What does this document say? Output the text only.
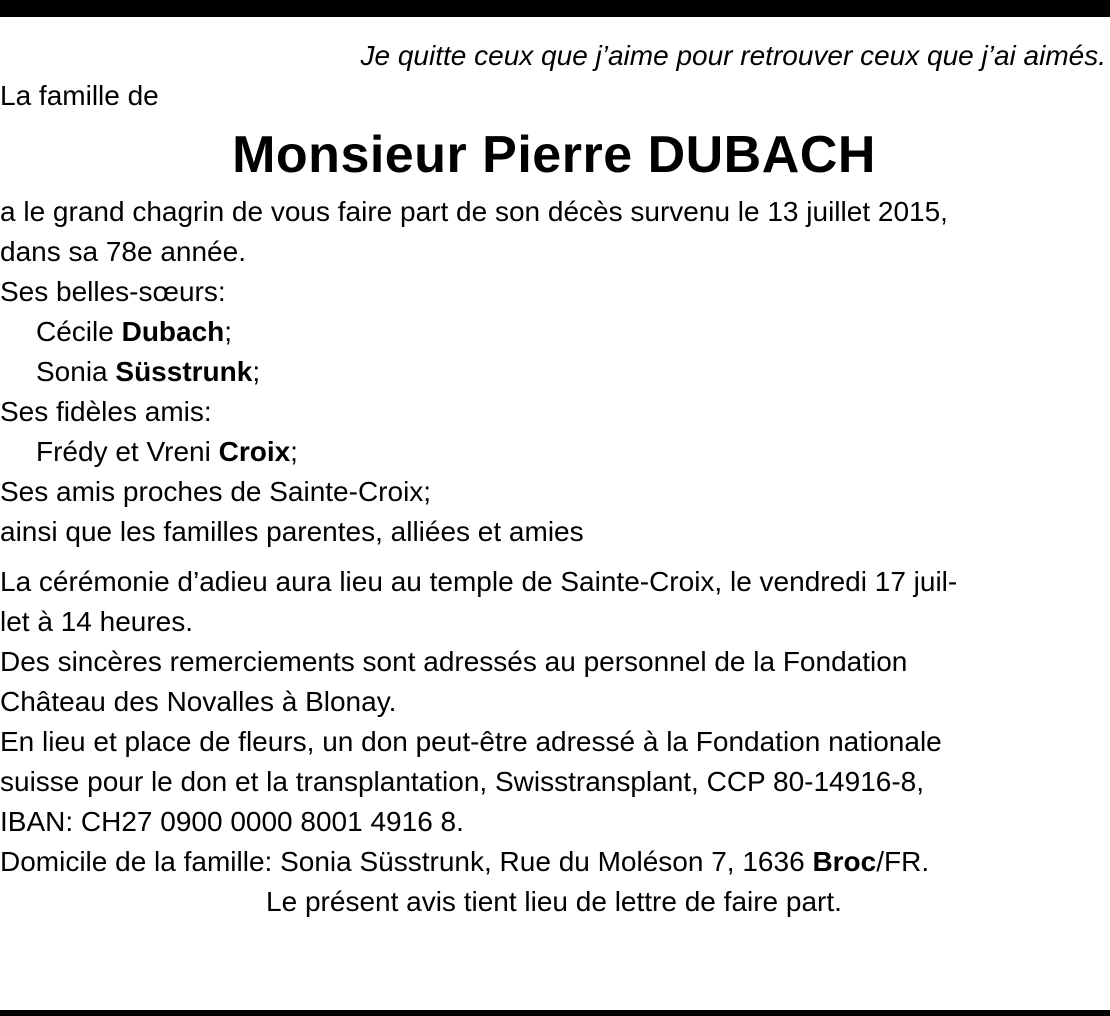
Je quitte ceux que j’aime pour retrouver ceux que j’ai aimés.
La famille de
Monsieur Pierre DUBACH
a le grand chagrin de vous faire part de son décès survenu le 13 juillet 2015,
dans sa 78e année.
Ses belles-sœurs:
Cécile Dubach;
Sonia Süsstrunk;
Ses fidèles amis:
Frédy et Vreni Croix;
Ses amis proches de Sainte-Croix;
ainsi que les familles parentes, alliées et amies
La cérémonie d’adieu aura lieu au temple de Sainte-Croix, le vendredi 17 juil-
let à 14 heures.
Des sincères remerciements sont adressés au personnel de la Fondation
Château des Novalles à Blonay.
En lieu et place de fleurs, un don peut-être adressé à la Fondation nationale
suisse pour le don et la transplantation, Swisstransplant, CCP 80-14916-8,
IBAN: CH27 0900 0000 8001 4916 8.
Domicile de la famille: Sonia Süsstrunk, Rue du Moléson 7, 1636 Broc/FR.
Le présent avis tient lieu de lettre de faire part.
